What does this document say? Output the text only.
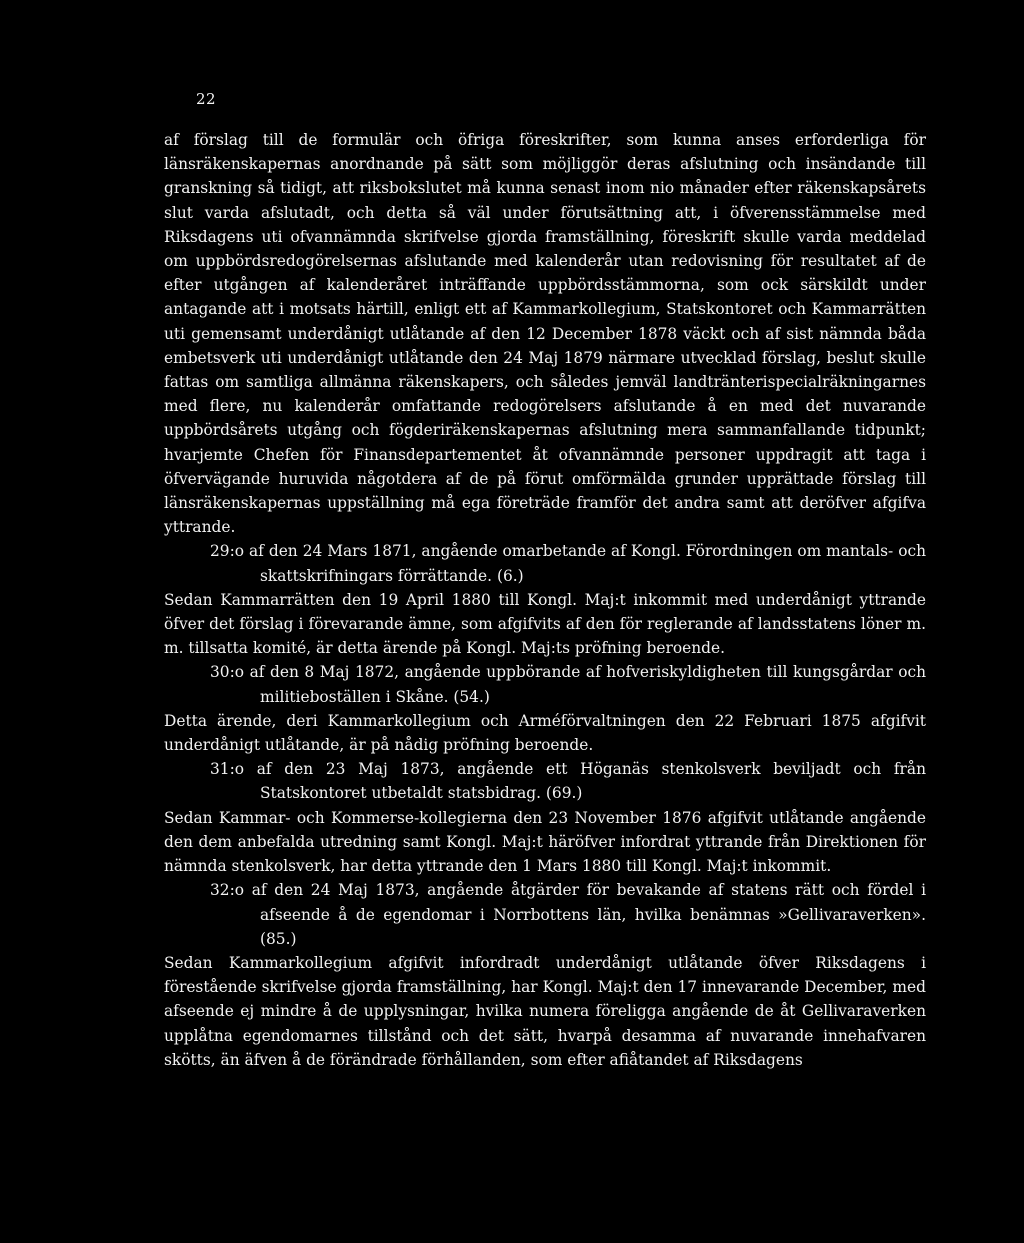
22

af förslag till de formulär och öfriga föreskrifter, som kunna anses erforderliga för länsräkenskapernas anordnande på sätt som möjliggör deras afslutning och insändande till granskning så tidigt, att riksbokslutet må kunna senast inom nio månader efter räkenskapsårets slut varda afslutadt, och detta så väl under förutsättning att, i öfverensstämmelse med Riksdagens uti ofvannämnda skrifvelse gjorda framställning, föreskrift skulle varda meddelad om uppbördsredogörelsernas afslutande med kalenderår utan redovisning för resultatet af de efter utgången af kalenderåret inträffande uppbördsstämmorna, som ock särskildt under antagande att i motsats härtill, enligt ett af Kammarkollegium, Statskontoret och Kammarrätten uti gemensamt underdånigt utlåtande af den 12 December 1878 väckt och af sist nämnda båda embetsverk uti underdånigt utlåtande den 24 Maj 1879 närmare utvecklad förslag, beslut skulle fattas om samtliga allmänna räkenskapers, och således jemväl landtränterispecialräkningarnes med flere, nu kalenderår omfattande redogörelsers afslutande å en med det nuvarande uppbördsårets utgång och fögderiräkenskapernas afslutning mera sammanfallande tidpunkt; hvarjemte Chefen för Finansdepartementet åt ofvannämnde personer uppdragit att taga i öfvervägande huruvida någotdera af de på förut omförmälda grunder upprättade förslag till länsräkenskapernas uppställning må ega företräde framför det andra samt att deröfver afgifva yttrande.

29:o af den 24 Mars 1871, angående omarbetande af Kongl. Förordningen om mantals- och skattskrifningars förrättande. (6.)

Sedan Kammarrätten den 19 April 1880 till Kongl. Maj:t inkommit med underdånigt yttrande öfver det förslag i förevarande ämne, som afgifvits af den för reglerande af landsstatens löner m. m. tillsatta komité, är detta ärende på Kongl. Maj:ts pröfning beroende.

30:o af den 8 Maj 1872, angående uppbörande af hofveriskyldigheten till kungsgårdar och militieboställen i Skåne. (54.)

Detta ärende, deri Kammarkollegium och Arméförvaltningen den 22 Februari 1875 afgifvit underdånigt utlåtande, är på nådig pröfning beroende.

31:o af den 23 Maj 1873, angående ett Höganäs stenkolsverk beviljadt och från Statskontoret utbetaldt statsbidrag. (69.)

Sedan Kammar- och Kommerse-kollegierna den 23 November 1876 afgifvit utlåtande angående den dem anbefalda utredning samt Kongl. Maj:t häröfver infordrat yttrande från Direktionen för nämnda stenkolsverk, har detta yttrande den 1 Mars 1880 till Kongl. Maj:t inkommit.

32:o af den 24 Maj 1873, angående åtgärder för bevakande af statens rätt och fördel i afseende å de egendomar i Norrbottens län, hvilka benämnas »Gellivaraverken». (85.)

Sedan Kammarkollegium afgifvit infordradt underdånigt utlåtande öfver Riksdagens i förestående skrifvelse gjorda framställning, har Kongl. Maj:t den 17 innevarande December, med afseende ej mindre å de upplysningar, hvilka numera föreligga angående de åt Gellivaraverken upplåtna egendomarnes tillstånd och det sätt, hvarpå desamma af nuvarande innehafvaren skötts, än äfven å de förändrade förhållanden, som efter afiåtandet af Riksdagens
